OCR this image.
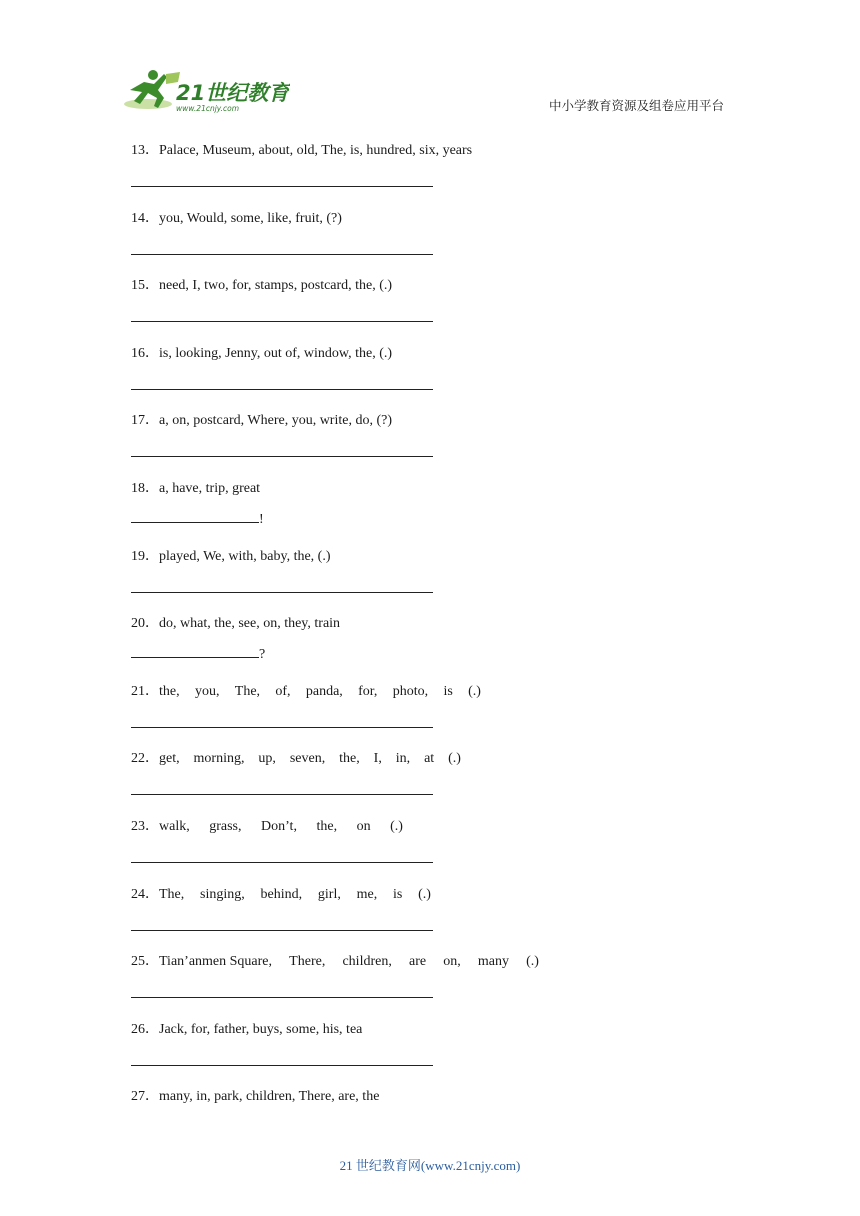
21世纪教育
www.21cnjy.com	中小学教育资源及组卷应用平台
13．Palace, Museum, about, old, The, is, hundred, six, years
14．you, Would, some, like, fruit, (?)
15．need, I, two, for, stamps, postcard, the, (.)
16．is, looking, Jenny, out of, window, the, (.)
17．a, on, postcard, Where, you, write, do, (?)
18．a, have, trip, great
!
19．played, We, with, baby, the, (.)
20．do, what, the, see, on, they, train
?
21． the, you, The, of, panda, for, photo, is (.)
22． get, morning, up, seven, the, I, in, at (.)
23． walk, grass, Don’t, the, on (.)
24． The, singing, behind, girl, me, is (.)
25． Tian’anmen Square, There, children, are on, many (.)
26．Jack, for, father, buys, some, his, tea
27．many, in, park, children, There, are, the
21 世纪教育网(www.21cnjy.com)
